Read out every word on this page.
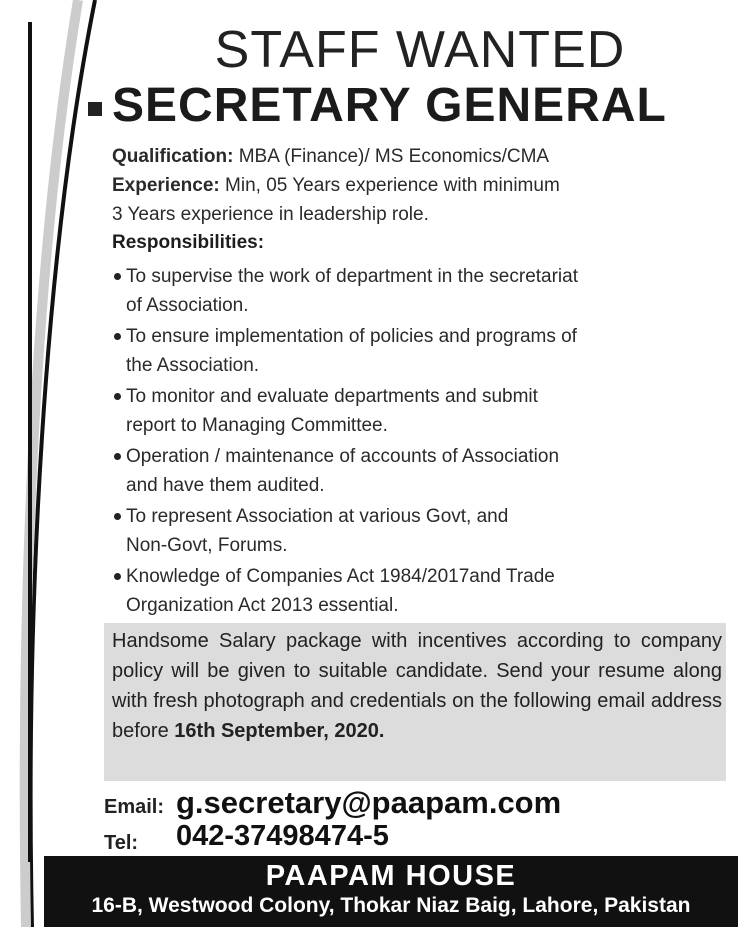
STAFF WANTED
SECRETARY GENERAL
Qualification: MBA (Finance)/ MS Economics/CMA
Experience: Min, 05 Years experience with minimum
3 Years experience in leadership role.
Responsibilities:
To supervise the work of department in the secretariat
of Association.
To ensure implementation of policies and programs of
the Association.
To monitor and evaluate departments and submit
report to Managing Committee.
Operation / maintenance of accounts of Association
and have them audited.
To represent Association at various Govt, and
Non-Govt, Forums.
Knowledge of Companies Act 1984/2017and Trade
Organization Act 2013 essential.
Handsome Salary package with incentives according to company policy will be given to suitable candidate. Send your resume along with fresh photograph and credentials on the following email address before 16th September, 2020.
Email: g.secretary@paapam.com
Tel: 042-37498474-5
PAAPAM HOUSE
16-B, Westwood Colony, Thokar Niaz Baig, Lahore, Pakistan
